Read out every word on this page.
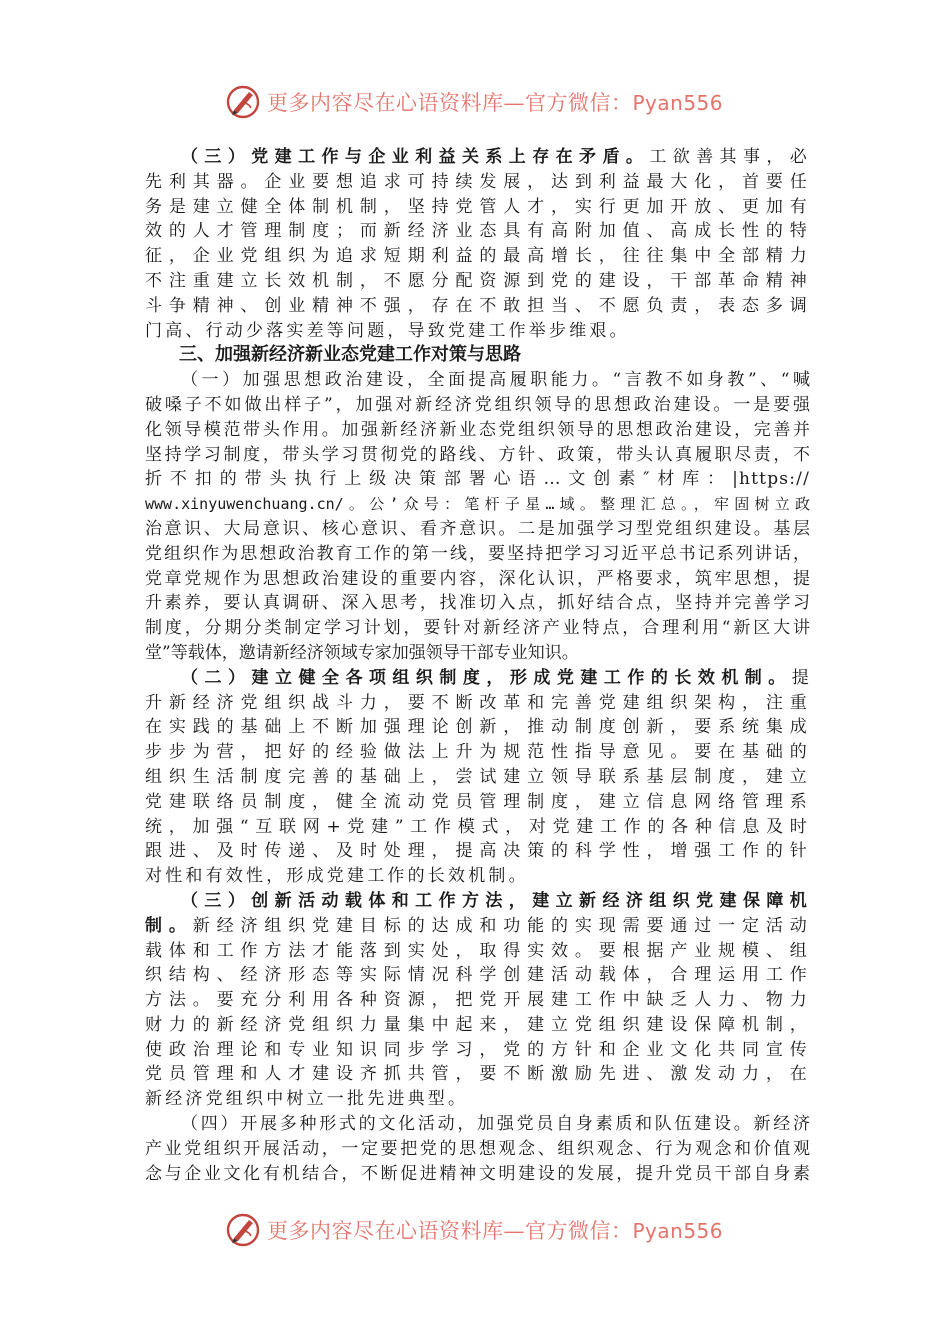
更多内容尽在心语资料库—官方微信：Pyan556
（三）党建工作与企业利益关系上存在矛盾。工欲善其事，必
先利其器。企业要想追求可持续发展，达到利益最大化，首要任
务是建立健全体制机制，坚持党管人才，实行更加开放、更加有
效的人才管理制度；而新经济业态具有高附加值、高成长性的特
征，企业党组织为追求短期利益的最高增长，往往集中全部精力
不注重建立长效机制，不愿分配资源到党的建设，干部革命精神
斗争精神、创业精神不强，存在不敢担当、不愿负责，表态多调
门高、行动少落实差等问题，导致党建工作举步维艰。
三、加强新经济新业态党建工作对策与思路
（一）加强思想政治建设，全面提高履职能力。“言教不如身教”、“喊
破嗓子不如做出样子”，加强对新经济党组织领导的思想政治建设。一是要强
化领导模范带头作用。加强新经济新业态党组织领导的思想政治建设，完善并
坚持学习制度，带头学习贯彻党的路线、方针、政策，带头认真履职尽责，不
折不扣的带头执行上级决策部署心语…文创素″材库：|https://
www.xinyuwenchuang.cn/。公’众号：笔杆子星…域。整理汇总。，牢固树立政
治意识、大局意识、核心意识、看齐意识。二是加强学习型党组织建设。基层
党组织作为思想政治教育工作的第一线，要坚持把学习习近平总书记系列讲话，
党章党规作为思想政治建设的重要内容，深化认识，严格要求，筑牢思想，提
升素养，要认真调研、深入思考，找准切入点，抓好结合点，坚持并完善学习
制度，分期分类制定学习计划，要针对新经济产业特点，合理利用“新区大讲
堂”等载体，邀请新经济领域专家加强领导干部专业知识。
（二）建立健全各项组织制度，形成党建工作的长效机制。提
升新经济党组织战斗力，要不断改革和完善党建组织架构，注重
在实践的基础上不断加强理论创新，推动制度创新，要系统集成
步步为营，把好的经验做法上升为规范性指导意见。要在基础的
组织生活制度完善的基础上，尝试建立领导联系基层制度，建立
党建联络员制度，健全流动党员管理制度，建立信息网络管理系
统，加强“互联网+党建”工作模式，对党建工作的各种信息及时
跟进、及时传递、及时处理，提高决策的科学性，增强工作的针
对性和有效性，形成党建工作的长效机制。
（三）创新活动载体和工作方法，建立新经济组织党建保障机
制。新经济组织党建目标的达成和功能的实现需要通过一定活动
载体和工作方法才能落到实处，取得实效。要根据产业规模、组
织结构、经济形态等实际情况科学创建活动载体，合理运用工作
方法。要充分利用各种资源，把党开展建工作中缺乏人力、物力
财力的新经济党组织力量集中起来，建立党组织建设保障机制，
使政治理论和专业知识同步学习，党的方针和企业文化共同宣传
党员管理和人才建设齐抓共管，要不断激励先进、激发动力，在
新经济党组织中树立一批先进典型。
（四）开展多种形式的文化活动，加强党员自身素质和队伍建设。新经济
产业党组织开展活动，一定要把党的思想观念、组织观念、行为观念和价值观
念与企业文化有机结合，不断促进精神文明建设的发展，提升党员干部自身素
更多内容尽在心语资料库—官方微信：Pyan556
